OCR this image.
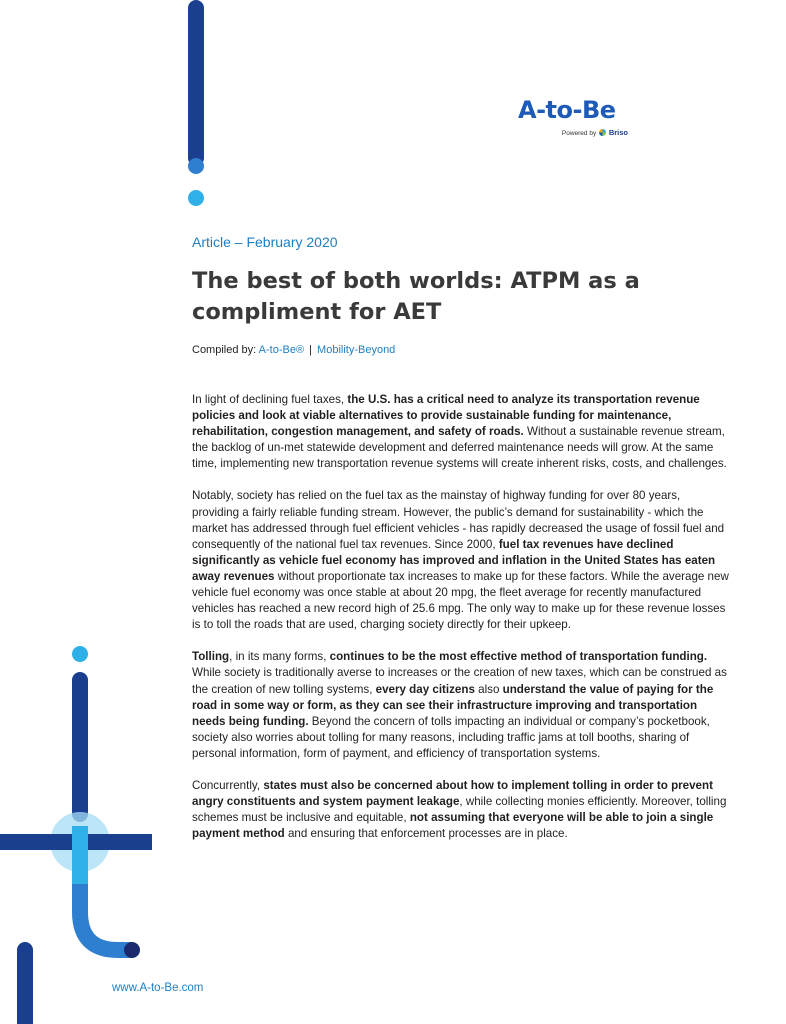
A-to-Be
Powered by Briso
Article – February 2020
The best of both worlds: ATPM as a compliment for AET
Compiled by: A-to-Be® | Mobility-Beyond

In light of declining fuel taxes, the U.S. has a critical need to analyze its transportation revenue policies and look at viable alternatives to provide sustainable funding for maintenance, rehabilitation, congestion management, and safety of roads. Without a sustainable revenue stream, the backlog of un-met statewide development and deferred maintenance needs will grow. At the same time, implementing new transportation revenue systems will create inherent risks, costs, and challenges.

Notably, society has relied on the fuel tax as the mainstay of highway funding for over 80 years, providing a fairly reliable funding stream. However, the public’s demand for sustainability - which the market has addressed through fuel efficient vehicles - has rapidly decreased the usage of fossil fuel and consequently of the national fuel tax revenues. Since 2000, fuel tax revenues have declined significantly as vehicle fuel economy has improved and inflation in the United States has eaten away revenues without proportionate tax increases to make up for these factors. While the average new vehicle fuel economy was once stable at about 20 mpg, the fleet average for recently manufactured vehicles has reached a new record high of 25.6 mpg. The only way to make up for these revenue losses is to toll the roads that are used, charging society directly for their upkeep.

Tolling, in its many forms, continues to be the most effective method of transportation funding. While society is traditionally averse to increases or the creation of new taxes, which can be construed as the creation of new tolling systems, every day citizens also understand the value of paying for the road in some way or form, as they can see their infrastructure improving and transportation needs being funding. Beyond the concern of tolls impacting an individual or company’s pocketbook, society also worries about tolling for many reasons, including traffic jams at toll booths, sharing of personal information, form of payment, and efficiency of transportation systems.

Concurrently, states must also be concerned about how to implement tolling in order to prevent angry constituents and system payment leakage, while collecting monies efficiently. Moreover, tolling schemes must be inclusive and equitable, not assuming that everyone will be able to join a single payment method and ensuring that enforcement processes are in place.

www.A-to-Be.com
